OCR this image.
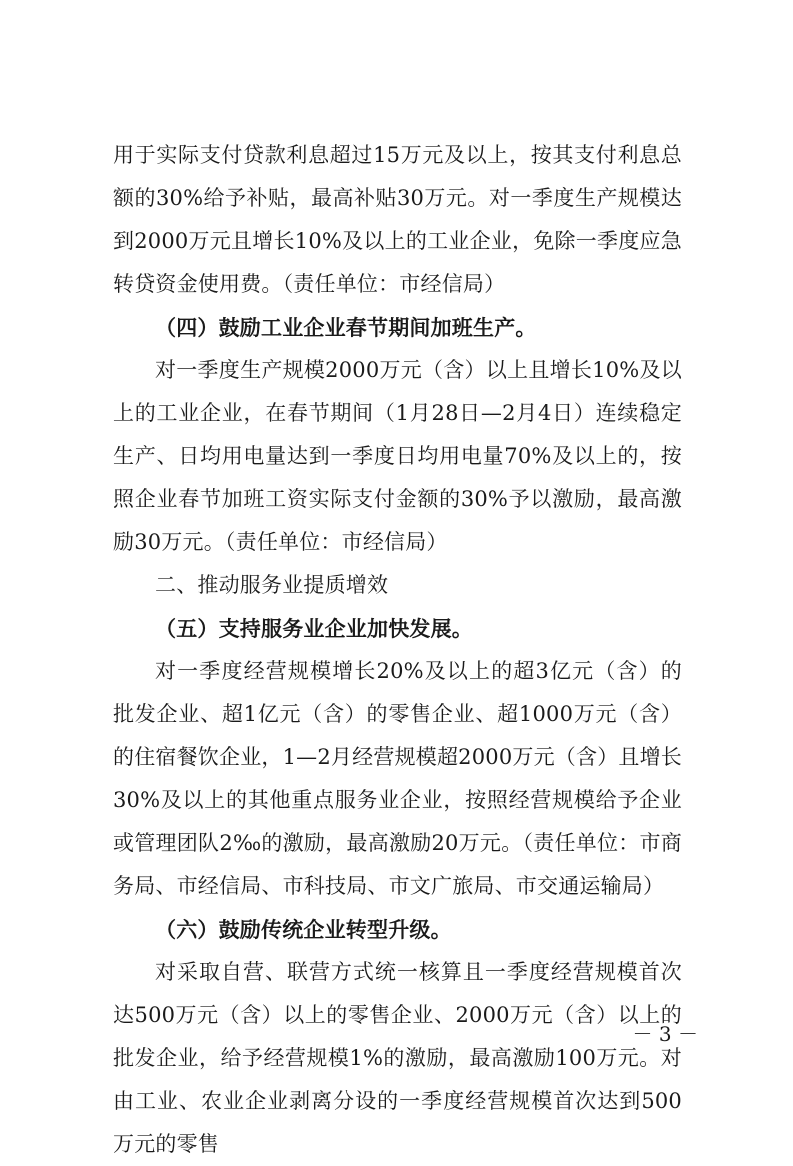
用于实际支付贷款利息超过15万元及以上，按其支付利息总额的30%给予补贴，最高补贴30万元。对一季度生产规模达到2000万元且增长10%及以上的工业企业，免除一季度应急转贷资金使用费。（责任单位：市经信局）

（四）鼓励工业企业春节期间加班生产。

对一季度生产规模2000万元（含）以上且增长10%及以上的工业企业，在春节期间（1月28日—2月4日）连续稳定生产、日均用电量达到一季度日均用电量70%及以上的，按照企业春节加班工资实际支付金额的30%予以激励，最高激励30万元。（责任单位：市经信局）

二、推动服务业提质增效

（五）支持服务业企业加快发展。

对一季度经营规模增长20%及以上的超3亿元（含）的批发企业、超1亿元（含）的零售企业、超1000万元（含）的住宿餐饮企业，1—2月经营规模超2000万元（含）且增长30%及以上的其他重点服务业企业，按照经营规模给予企业或管理团队2‰的激励，最高激励20万元。（责任单位：市商务局、市经信局、市科技局、市文广旅局、市交通运输局）

（六）鼓励传统企业转型升级。

对采取自营、联营方式统一核算且一季度经营规模首次达500万元（含）以上的零售企业、2000万元（含）以上的批发企业，给予经营规模1%的激励，最高激励100万元。对由工业、农业企业剥离分设的一季度经营规模首次达到500万元的零售

－ 3 －
